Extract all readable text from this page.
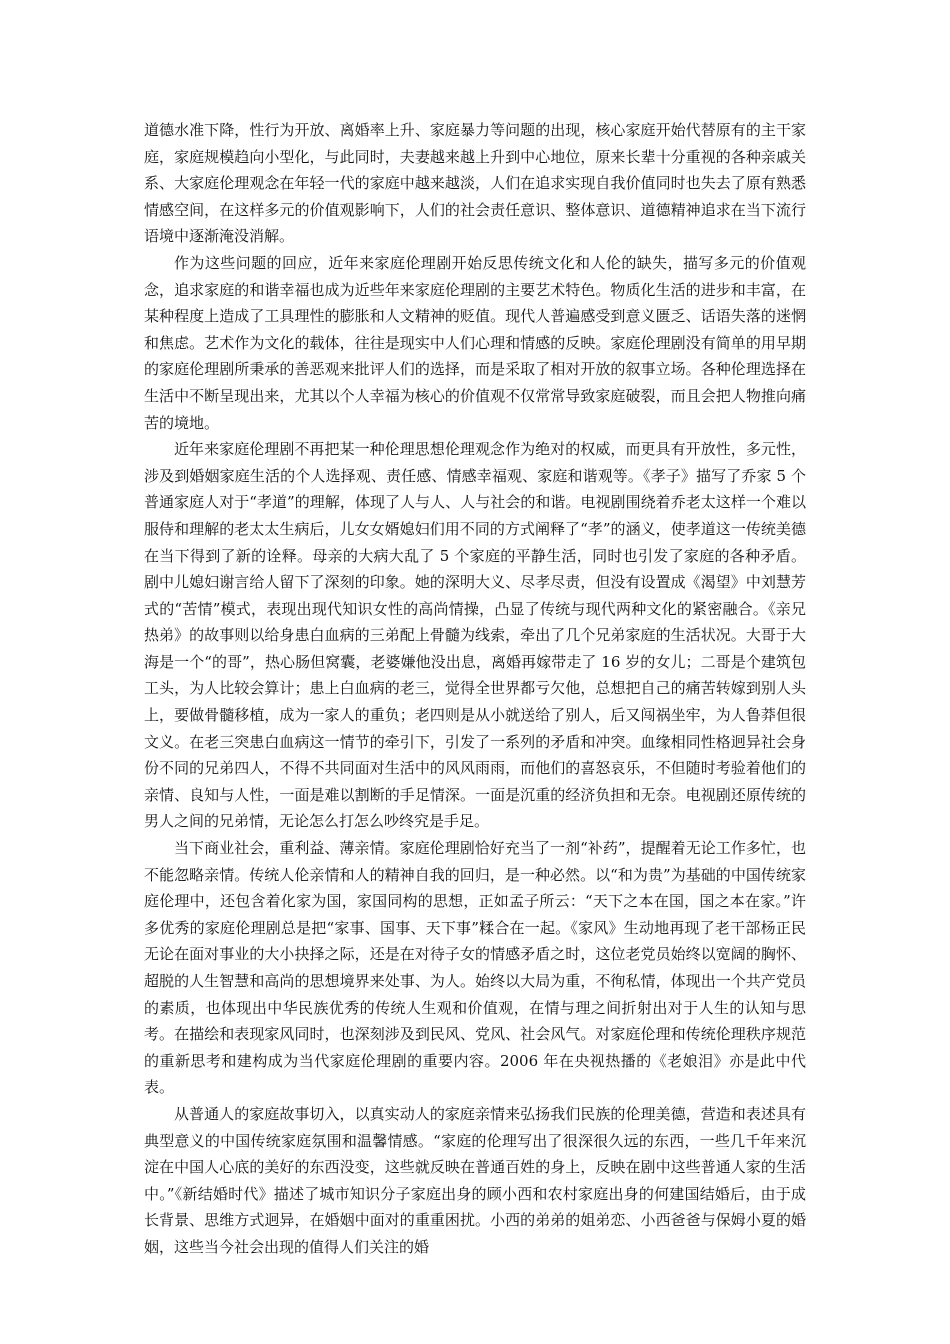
道德水准下降，性行为开放、离婚率上升、家庭暴力等问题的出现，核心家庭开始代替原有的主干家庭，家庭规模趋向小型化，与此同时，夫妻越来越上升到中心地位，原来长辈十分重视的各种亲戚关系、大家庭伦理观念在年轻一代的家庭中越来越淡，人们在追求实现自我价值同时也失去了原有熟悉情感空间，在这样多元的价值观影响下，人们的社会责任意识、整体意识、道德精神追求在当下流行语境中逐渐淹没消解。

作为这些问题的回应，近年来家庭伦理剧开始反思传统文化和人伦的缺失，描写多元的价值观念，追求家庭的和谐幸福也成为近些年来家庭伦理剧的主要艺术特色。物质化生活的进步和丰富，在某种程度上造成了工具理性的膨胀和人文精神的贬值。现代人普遍感受到意义匮乏、话语失落的迷惘和焦虑。艺术作为文化的载体，往往是现实中人们心理和情感的反映。家庭伦理剧没有简单的用早期的家庭伦理剧所秉承的善恶观来批评人们的选择，而是采取了相对开放的叙事立场。各种伦理选择在生活中不断呈现出来，尤其以个人幸福为核心的价值观不仅常常导致家庭破裂，而且会把人物推向痛苦的境地。

近年来家庭伦理剧不再把某一种伦理思想伦理观念作为绝对的权威，而更具有开放性，多元性，涉及到婚姻家庭生活的个人选择观、责任感、情感幸福观、家庭和谐观等。《孝子》描写了乔家 5 个普通家庭人对于“孝道”的理解，体现了人与人、人与社会的和谐。电视剧围绕着乔老太这样一个难以服侍和理解的老太太生病后，儿女女婿媳妇们用不同的方式阐释了“孝”的涵义，使孝道这一传统美德在当下得到了新的诠释。母亲的大病大乱了 5 个家庭的平静生活，同时也引发了家庭的各种矛盾。剧中儿媳妇谢言给人留下了深刻的印象。她的深明大义、尽孝尽责，但没有设置成《渴望》中刘慧芳式的“苦情”模式，表现出现代知识女性的高尚情操，凸显了传统与现代两种文化的紧密融合。《亲兄热弟》的故事则以给身患白血病的三弟配上骨髓为线索，牵出了几个兄弟家庭的生活状况。大哥于大海是一个“的哥”，热心肠但窝囊，老婆嫌他没出息，离婚再嫁带走了 16 岁的女儿；二哥是个建筑包工头，为人比较会算计；患上白血病的老三，觉得全世界都亏欠他，总想把自己的痛苦转嫁到别人头上，要做骨髓移植，成为一家人的重负；老四则是从小就送给了别人，后又闯祸坐牢，为人鲁莽但很文义。在老三突患白血病这一情节的牵引下，引发了一系列的矛盾和冲突。血缘相同性格迥异社会身份不同的兄弟四人，不得不共同面对生活中的风风雨雨，而他们的喜怒哀乐，不但随时考验着他们的亲情、良知与人性，一面是难以割断的手足情深。一面是沉重的经济负担和无奈。电视剧还原传统的男人之间的兄弟情，无论怎么打怎么吵终究是手足。

当下商业社会，重利益、薄亲情。家庭伦理剧恰好充当了一剂“补药”，提醒着无论工作多忙，也不能忽略亲情。传统人伦亲情和人的精神自我的回归，是一种必然。以“和为贵”为基础的中国传统家庭伦理中，还包含着化家为国，家国同构的思想，正如孟子所云：“天下之本在国，国之本在家。”许多优秀的家庭伦理剧总是把“家事、国事、天下事”糅合在一起。《家风》生动地再现了老干部杨正民无论在面对事业的大小抉择之际，还是在对待子女的情感矛盾之时，这位老党员始终以宽阔的胸怀、超脱的人生智慧和高尚的思想境界来处事、为人。始终以大局为重，不徇私情，体现出一个共产党员的素质，也体现出中华民族优秀的传统人生观和价值观，在情与理之间折射出对于人生的认知与思考。在描绘和表现家风同时，也深刻涉及到民风、党风、社会风气。对家庭伦理和传统伦理秩序规范的重新思考和建构成为当代家庭伦理剧的重要内容。2006 年在央视热播的《老娘泪》亦是此中代表。

从普通人的家庭故事切入，以真实动人的家庭亲情来弘扬我们民族的伦理美德，营造和表述具有典型意义的中国传统家庭氛围和温馨情感。“家庭的伦理写出了很深很久远的东西，一些几千年来沉淀在中国人心底的美好的东西没变，这些就反映在普通百姓的身上，反映在剧中这些普通人家的生活中。”《新结婚时代》描述了城市知识分子家庭出身的顾小西和农村家庭出身的何建国结婚后，由于成长背景、思维方式迥异，在婚姻中面对的重重困扰。小西的弟弟的姐弟恋、小西爸爸与保姆小夏的婚姻，这些当今社会出现的值得人们关注的婚
